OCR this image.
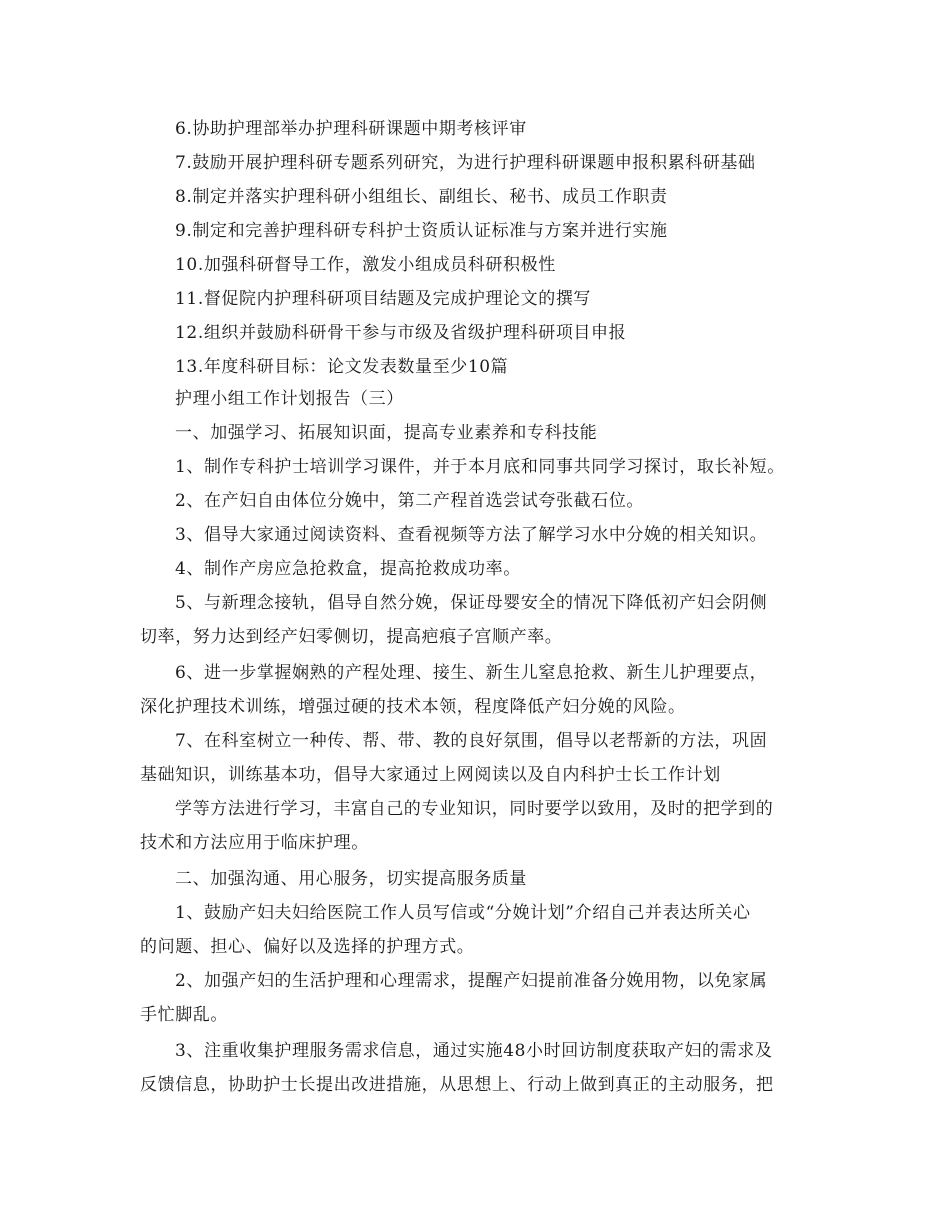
6.协助护理部举办护理科研课题中期考核评审
7.鼓励开展护理科研专题系列研究，为进行护理科研课题申报积累科研基础
8.制定并落实护理科研小组组长、副组长、秘书、成员工作职责
9.制定和完善护理科研专科护士资质认证标准与方案并进行实施
10.加强科研督导工作，激发小组成员科研积极性
11.督促院内护理科研项目结题及完成护理论文的撰写
12.组织并鼓励科研骨干参与市级及省级护理科研项目申报
13.年度科研目标：论文发表数量至少10篇
护理小组工作计划报告（三）
一、加强学习、拓展知识面，提高专业素养和专科技能
1、制作专科护士培训学习课件，并于本月底和同事共同学习探讨，取长补短。
2、在产妇自由体位分娩中，第二产程首选尝试夸张截石位。
3、倡导大家通过阅读资料、查看视频等方法了解学习水中分娩的相关知识。
4、制作产房应急抢救盒，提高抢救成功率。
5、与新理念接轨，倡导自然分娩，保证母婴安全的情况下降低初产妇会阴侧
切率，努力达到经产妇零侧切，提高疤痕子宫顺产率。
6、进一步掌握娴熟的产程处理、接生、新生儿窒息抢救、新生儿护理要点，
深化护理技术训练，增强过硬的技术本领，程度降低产妇分娩的风险。
7、在科室树立一种传、帮、带、教的良好氛围，倡导以老帮新的方法，巩固
基础知识，训练基本功，倡导大家通过上网阅读以及自内科护士长工作计划
学等方法进行学习，丰富自己的专业知识，同时要学以致用，及时的把学到的
技术和方法应用于临床护理。
二、加强沟通、用心服务，切实提高服务质量
1、鼓励产妇夫妇给医院工作人员写信或“分娩计划”介绍自己并表达所关心
的问题、担心、偏好以及选择的护理方式。
2、加强产妇的生活护理和心理需求，提醒产妇提前准备分娩用物，以免家属
手忙脚乱。
3、注重收集护理服务需求信息，通过实施48小时回访制度获取产妇的需求及
反馈信息，协助护士长提出改进措施，从思想上、行动上做到真正的主动服务，把
